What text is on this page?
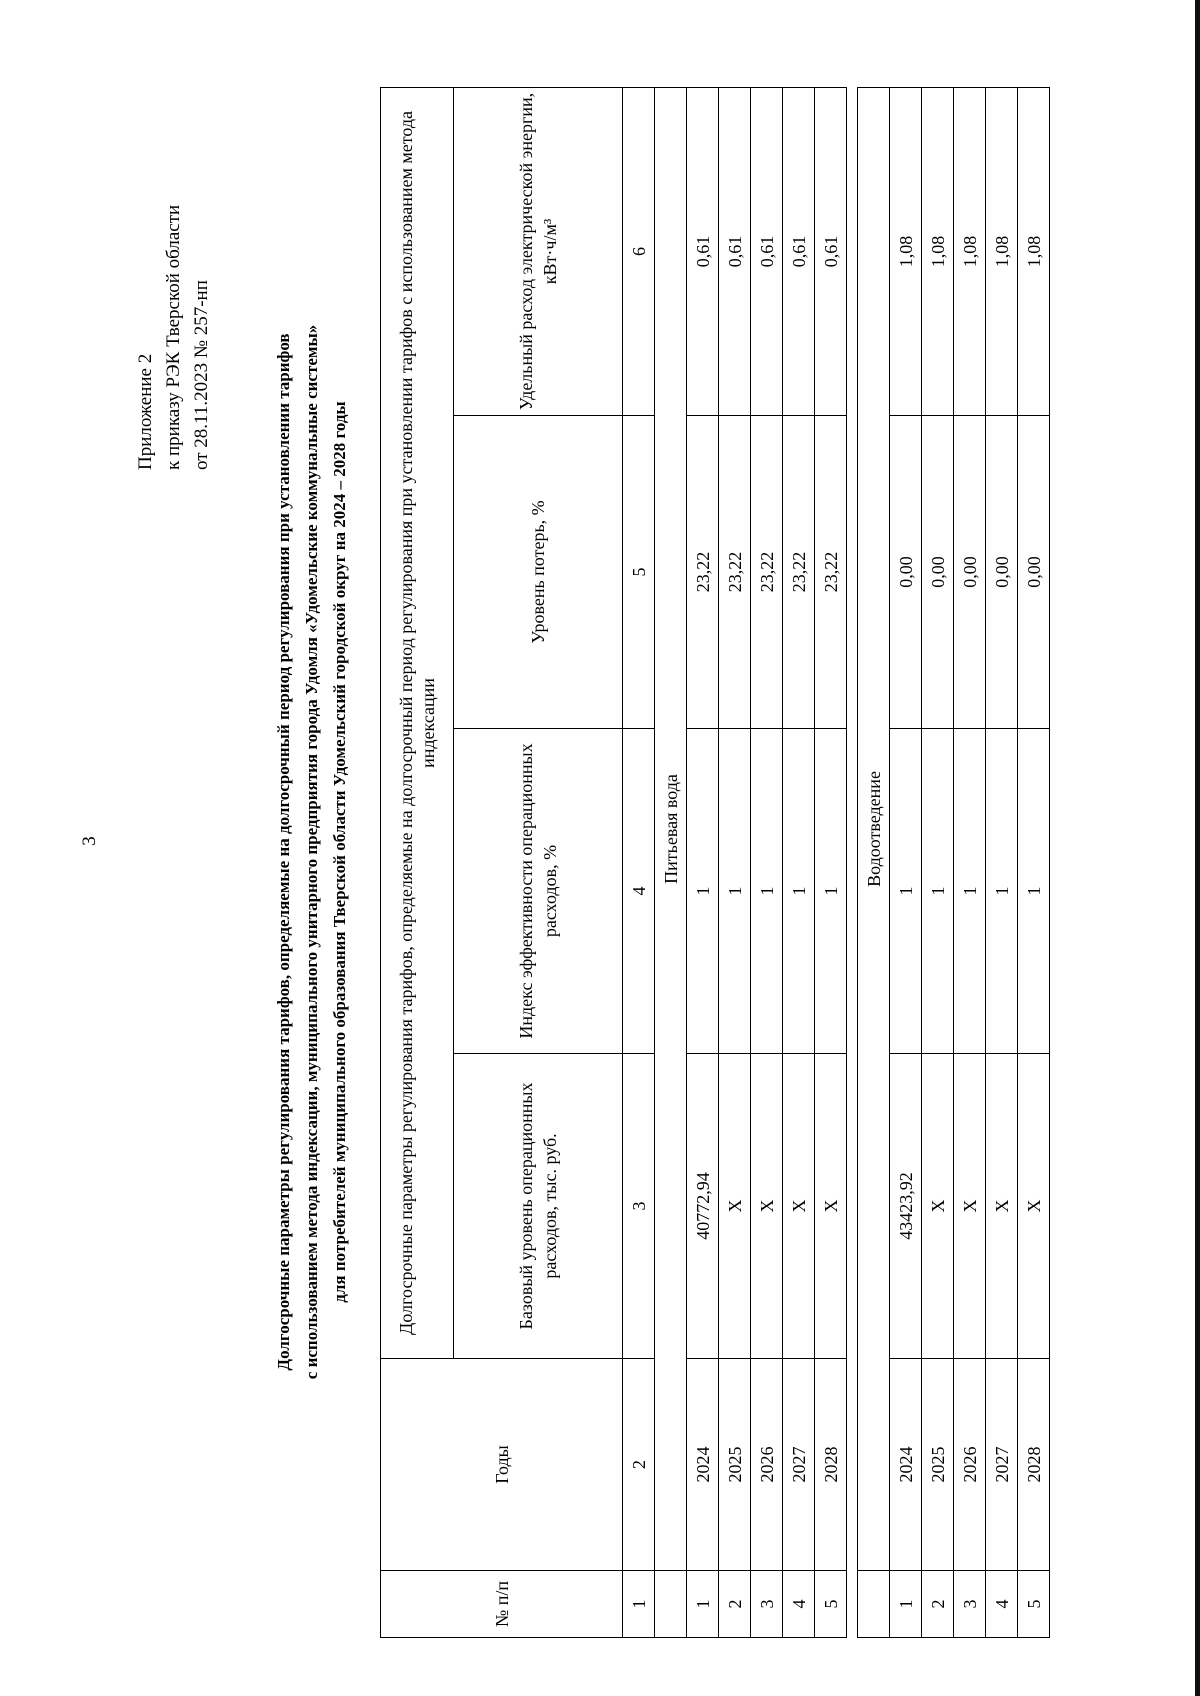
3
Приложение 2 к приказу РЭК Тверской области от 28.11.2023 № 257-нп	Долгосрочные параметры регулирования тарифов, определяемые на долгосрочный период регулирования при установлении тарифов с использованием метода индексации, муниципального унитарного предприятия города Удомля «Удомельские коммунальные системы» для потребителей муниципального образования Тверской области Удомельский городской округ на 2024 – 2028 годы
№ п/п	Годы	Долгосрочные параметры регулирования тарифов, определяемые на долгосрочный период регулирования при установлении тарифов с использованием метода индексации			
		Базовый уровень операционных расходов, тыс. руб.	Индекс эффективности операционных расходов, %	Уровень потерь, %	Удельный расход электрической энергии, кВт·ч/м³
1	2	3	4	5	6
	Питьевая вода				
1	2024	40772,94	1	23,22	0,61
2	2025	X	1	23,22	0,61
3	2026	X	1	23,22	0,61
4	2027	X	1	23,22	0,61
5	2028	X	1	23,22	0,61

	Водоотведение				
1	2024	43423,92	1	0,00	1,08
2	2025	X	1	0,00	1,08
3	2026	X	1	0,00	1,08
4	2027	X	1	0,00	1,08
5	2028	X	1	0,00	1,08
